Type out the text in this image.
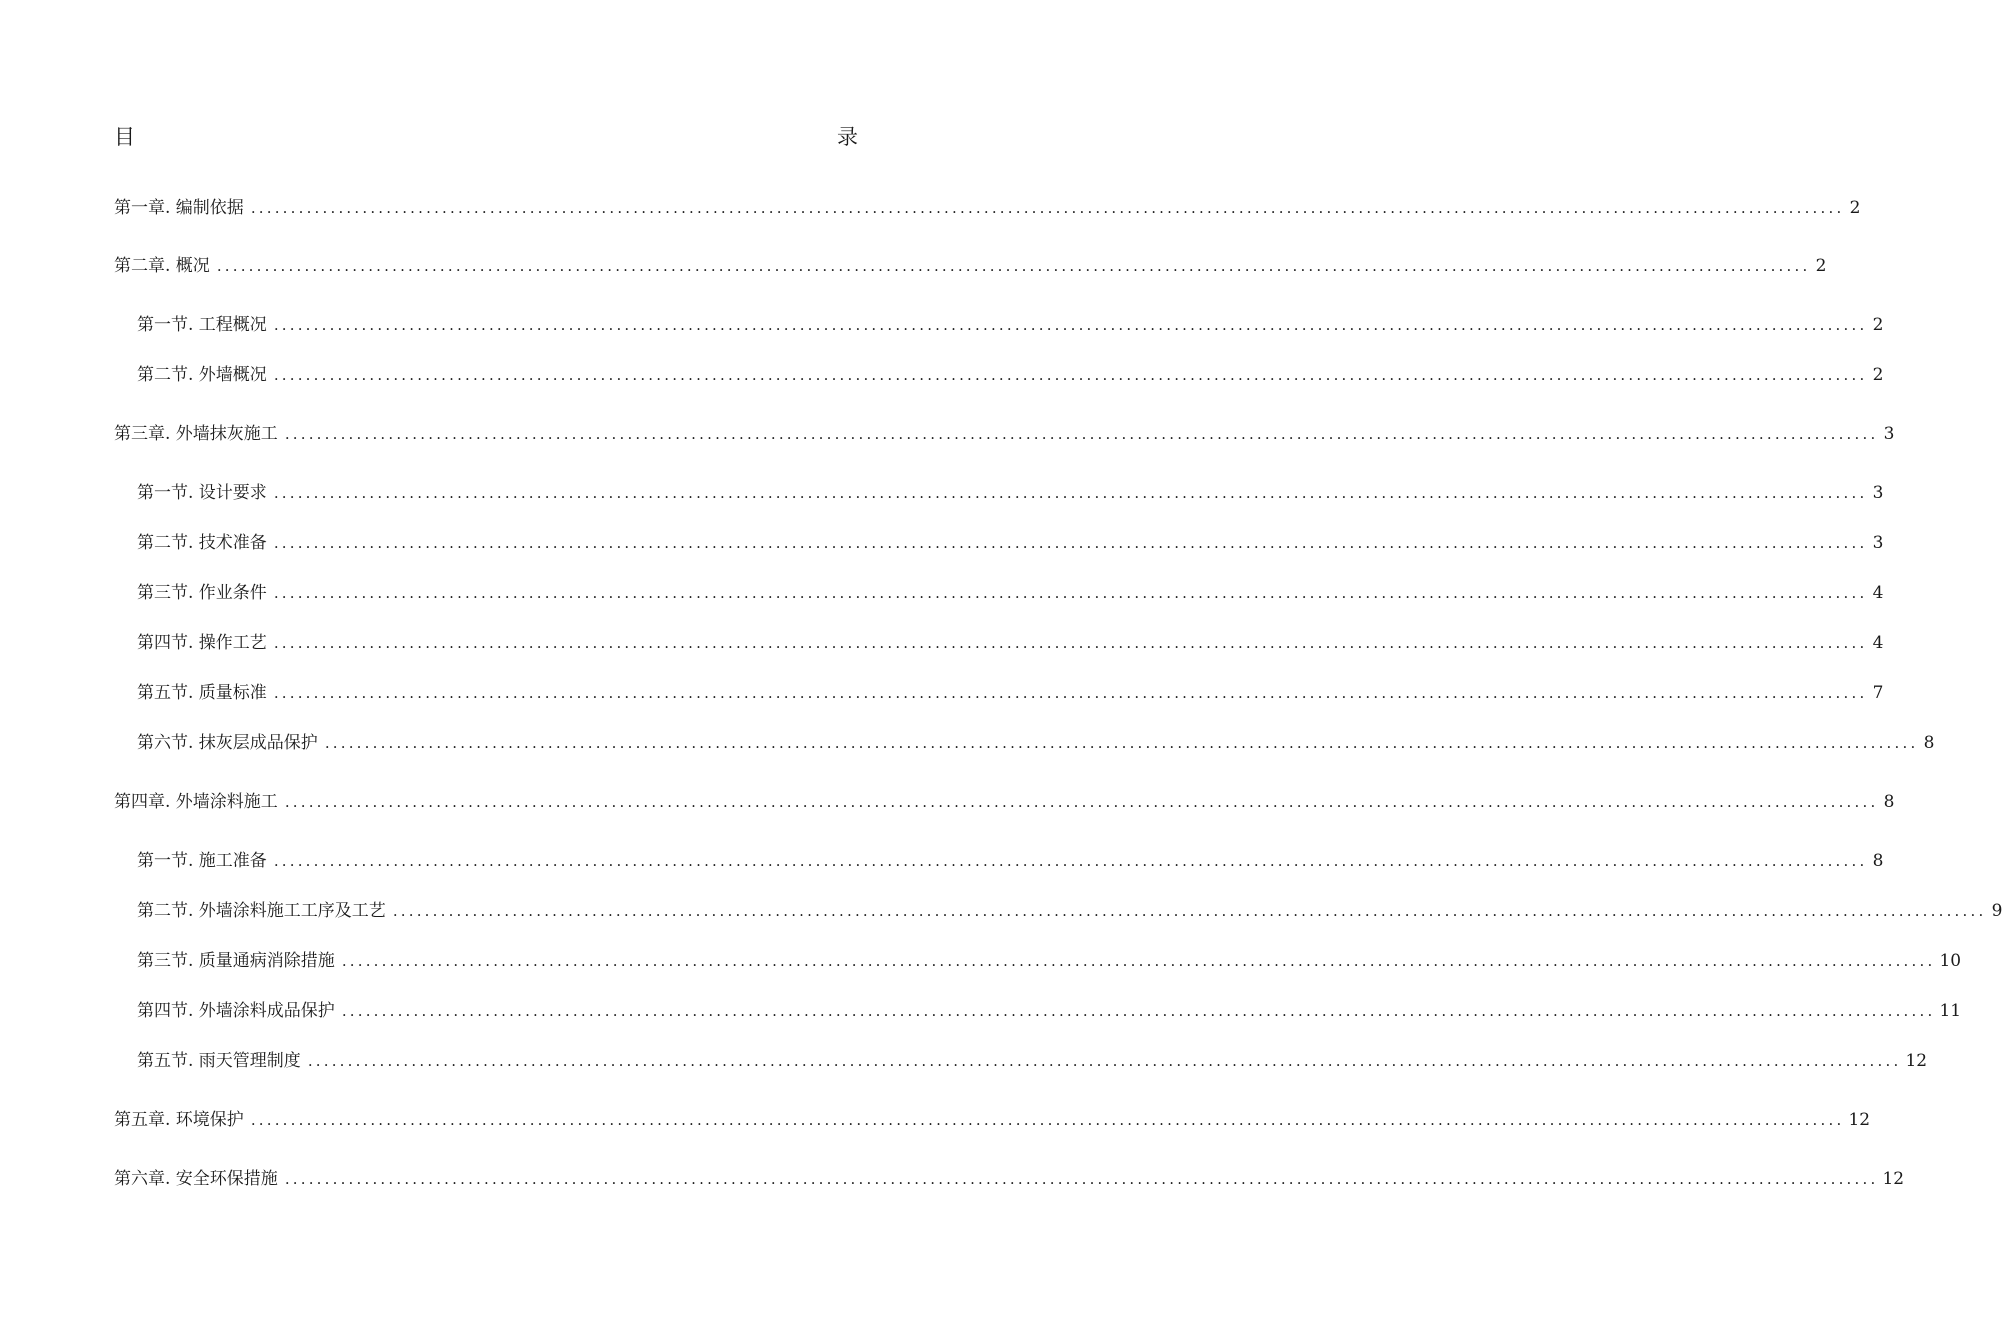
目	录
第一章. 编制依据 ........................................................................................................................................................................................................ 2
第二章. 概况 ........................................................................................................................................................................................................ 2
第一节. 工程概况 ........................................................................................................................................................................................................ 2
第二节. 外墙概况 ........................................................................................................................................................................................................ 2
第三章. 外墙抹灰施工 ........................................................................................................................................................................................................ 3
第一节. 设计要求 ........................................................................................................................................................................................................ 3
第二节. 技术准备 ........................................................................................................................................................................................................ 3
第三节. 作业条件 ........................................................................................................................................................................................................ 4
第四节. 操作工艺 ........................................................................................................................................................................................................ 4
第五节. 质量标准 ........................................................................................................................................................................................................ 7
第六节. 抹灰层成品保护 ........................................................................................................................................................................................................ 8
第四章. 外墙涂料施工 ........................................................................................................................................................................................................ 8
第一节. 施工准备 ........................................................................................................................................................................................................ 8
第二节. 外墙涂料施工工序及工艺 ........................................................................................................................................................................................................ 9
第三节. 质量通病消除措施 ........................................................................................................................................................................................................ 10
第四节. 外墙涂料成品保护 ........................................................................................................................................................................................................ 11
第五节. 雨天管理制度 ........................................................................................................................................................................................................ 12
第五章. 环境保护 ........................................................................................................................................................................................................ 12
第六章. 安全环保措施 ........................................................................................................................................................................................................ 12
